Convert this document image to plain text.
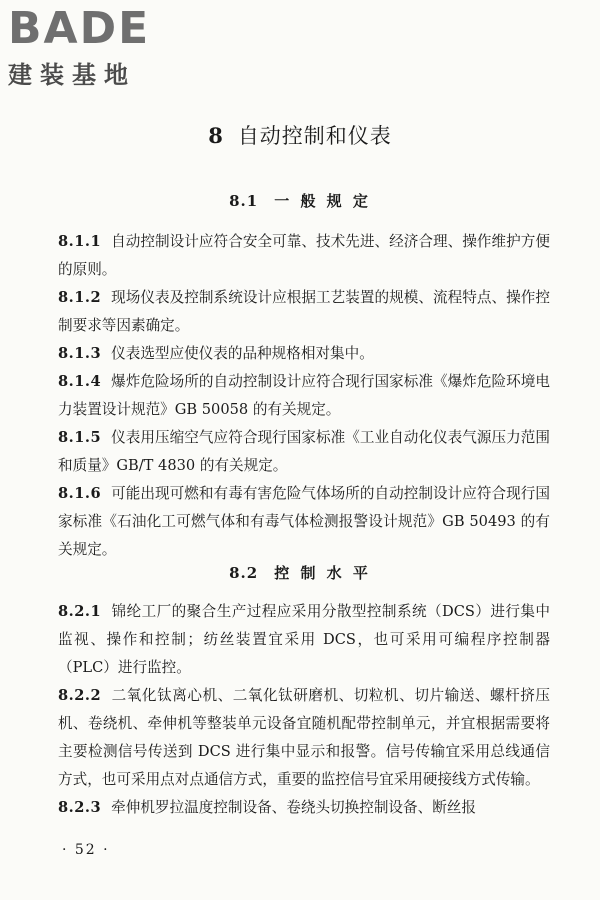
BADE
建装基地
8 自动控制和仪表
8.1 一 般 规 定

8.1.1 自动控制设计应符合安全可靠、技术先进、经济合理、操作维护方便的原则。

8.1.2 现场仪表及控制系统设计应根据工艺装置的规模、流程特点、操作控制要求等因素确定。

8.1.3 仪表选型应使仪表的品种规格相对集中。

8.1.4 爆炸危险场所的自动控制设计应符合现行国家标准《爆炸危险环境电力装置设计规范》GB 50058 的有关规定。

8.1.5 仪表用压缩空气应符合现行国家标准《工业自动化仪表气源压力范围和质量》GB/T 4830 的有关规定。

8.1.6 可能出现可燃和有毒有害危险气体场所的自动控制设计应符合现行国家标准《石油化工可燃气体和有毒气体检测报警设计规范》GB 50493 的有关规定。

8.2 控 制 水 平

8.2.1 锦纶工厂的聚合生产过程应采用分散型控制系统（DCS）进行集中监视、操作和控制；纺丝装置宜采用 DCS，也可采用可编程序控制器（PLC）进行监控。

8.2.2 二氧化钛离心机、二氧化钛研磨机、切粒机、切片输送、螺杆挤压机、卷绕机、牵伸机等整装单元设备宜随机配带控制单元，并宜根据需要将主要检测信号传送到 DCS 进行集中显示和报警。信号传输宜采用总线通信方式，也可采用点对点通信方式，重要的监控信号宜采用硬接线方式传输。

8.2.3 牵伸机罗拉温度控制设备、卷绕头切换控制设备、断丝报

· 52 ·
